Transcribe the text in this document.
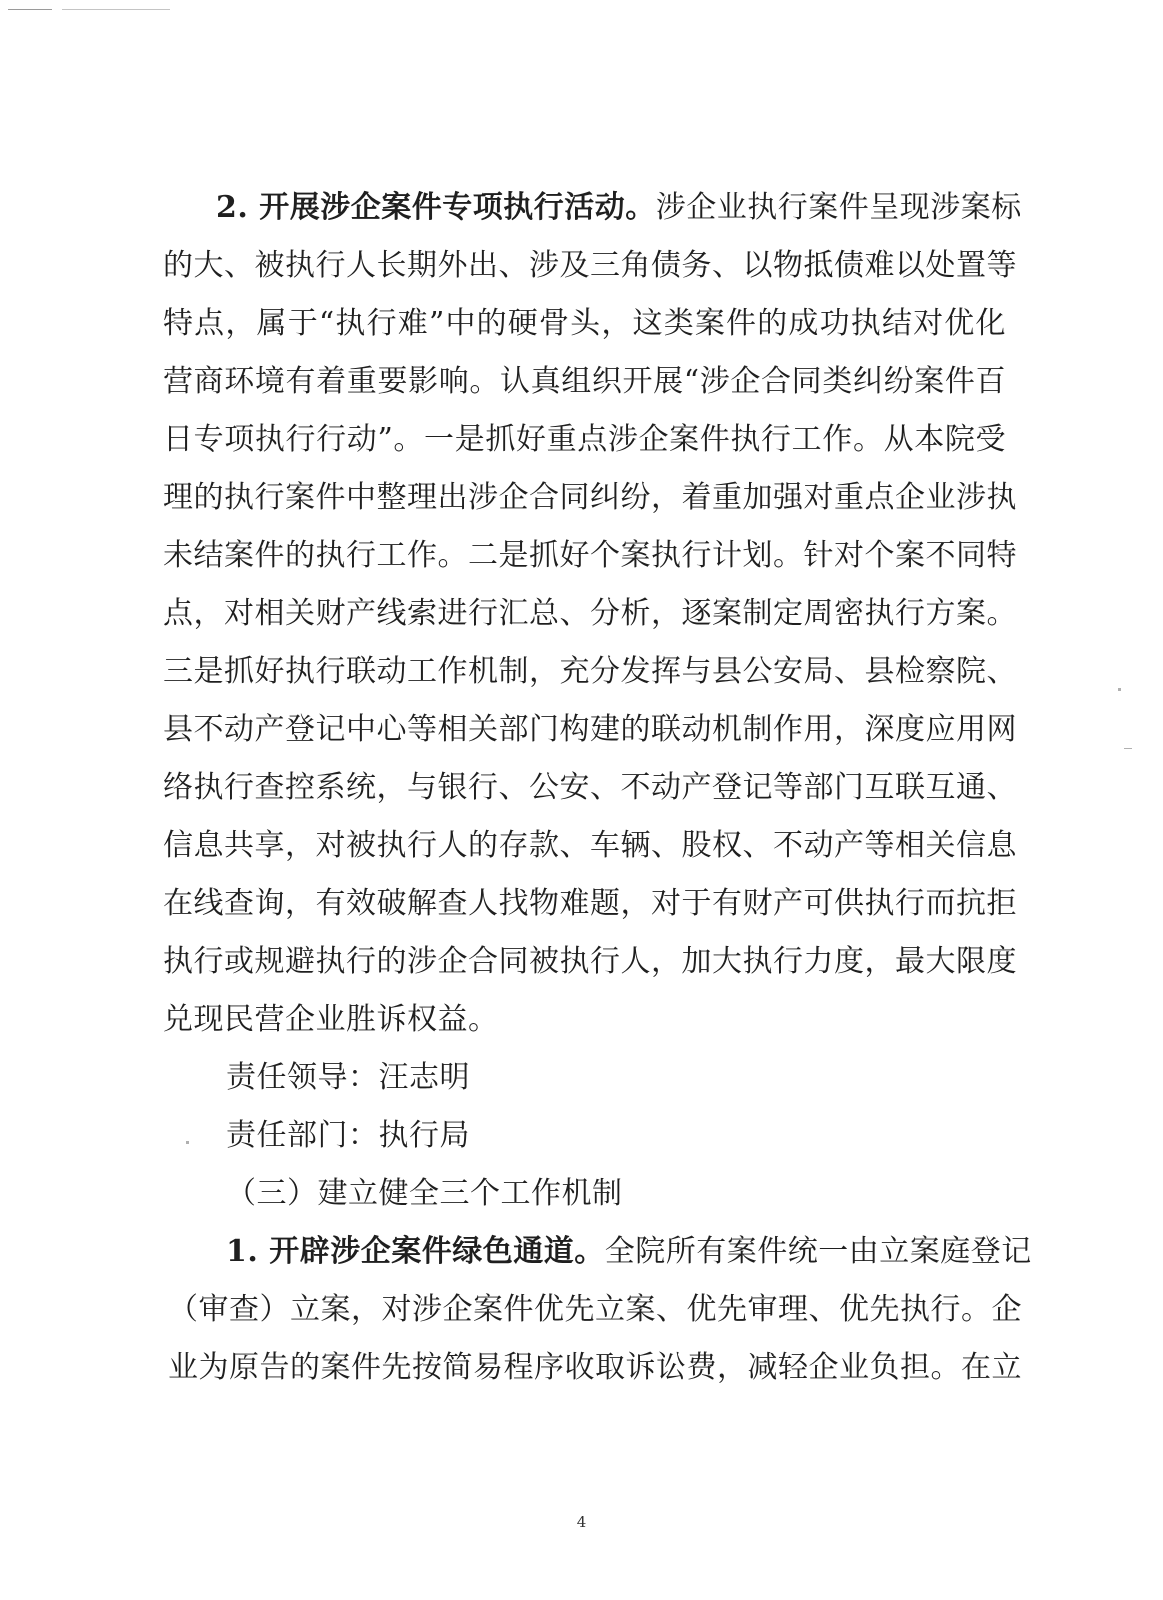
2. 开展涉企案件专项执行活动。涉企业执行案件呈现涉案标
的大、被执行人长期外出、涉及三角债务、以物抵债难以处置等
特点，属于“执行难”中的硬骨头，这类案件的成功执结对优化
营商环境有着重要影响。认真组织开展“涉企合同类纠纷案件百
日专项执行行动”。一是抓好重点涉企案件执行工作。从本院受
理的执行案件中整理出涉企合同纠纷，着重加强对重点企业涉执
未结案件的执行工作。二是抓好个案执行计划。针对个案不同特
点，对相关财产线索进行汇总、分析，逐案制定周密执行方案。
三是抓好执行联动工作机制，充分发挥与县公安局、县检察院、
县不动产登记中心等相关部门构建的联动机制作用，深度应用网
络执行查控系统，与银行、公安、不动产登记等部门互联互通、
信息共享，对被执行人的存款、车辆、股权、不动产等相关信息
在线查询，有效破解查人找物难题，对于有财产可供执行而抗拒
执行或规避执行的涉企合同被执行人，加大执行力度，最大限度
兑现民营企业胜诉权益。
责任领导：汪志明
责任部门：执行局
（三）建立健全三个工作机制
1. 开辟涉企案件绿色通道。全院所有案件统一由立案庭登记
（审查）立案，对涉企案件优先立案、优先审理、优先执行。企
业为原告的案件先按简易程序收取诉讼费，减轻企业负担。在立
4
